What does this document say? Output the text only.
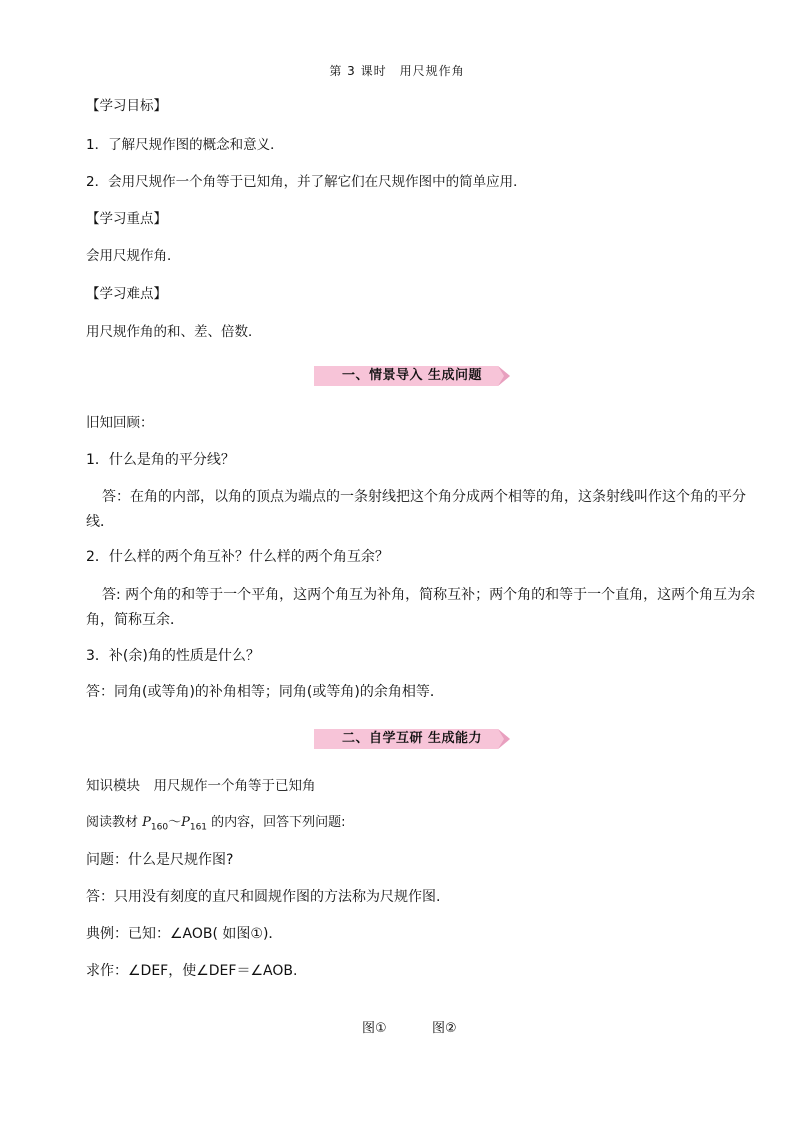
第 3 课时　用尺规作角
【学习目标】
1．了解尺规作图的概念和意义．
2．会用尺规作一个角等于已知角，并了解它们在尺规作图中的简单应用．
【学习重点】
会用尺规作角．
【学习难点】
用尺规作角的和、差、倍数．
一、情景导入 生成问题
旧知回顾：
1．什么是角的平分线？
答：在角的内部，以角的顶点为端点的一条射线把这个角分成两个相等的角，这条射线叫作这个角的平分
线．
2．什么样的两个角互补？什么样的两个角互余？
答: 两个角的和等于一个平角，这两个角互为补角，简称互补；两个角的和等于一个直角，这两个角互为余
角，简称互余．
3．补(余)角的性质是什么？
答：同角(或等角)的补角相等；同角(或等角)的余角相等．
二、自学互研 生成能力
知识模块　用尺规作一个角等于已知角
阅读教材 $P_{160}\sim P_{161}$ 的内容，回答下列问题:
问题：什么是尺规作图?
答：只用没有刻度的直尺和圆规作图的方法称为尺规作图.
典例：已知：∠AOB( 如图①)．
求作：∠DEF，使∠DEF＝∠AOB.
图①	图②
